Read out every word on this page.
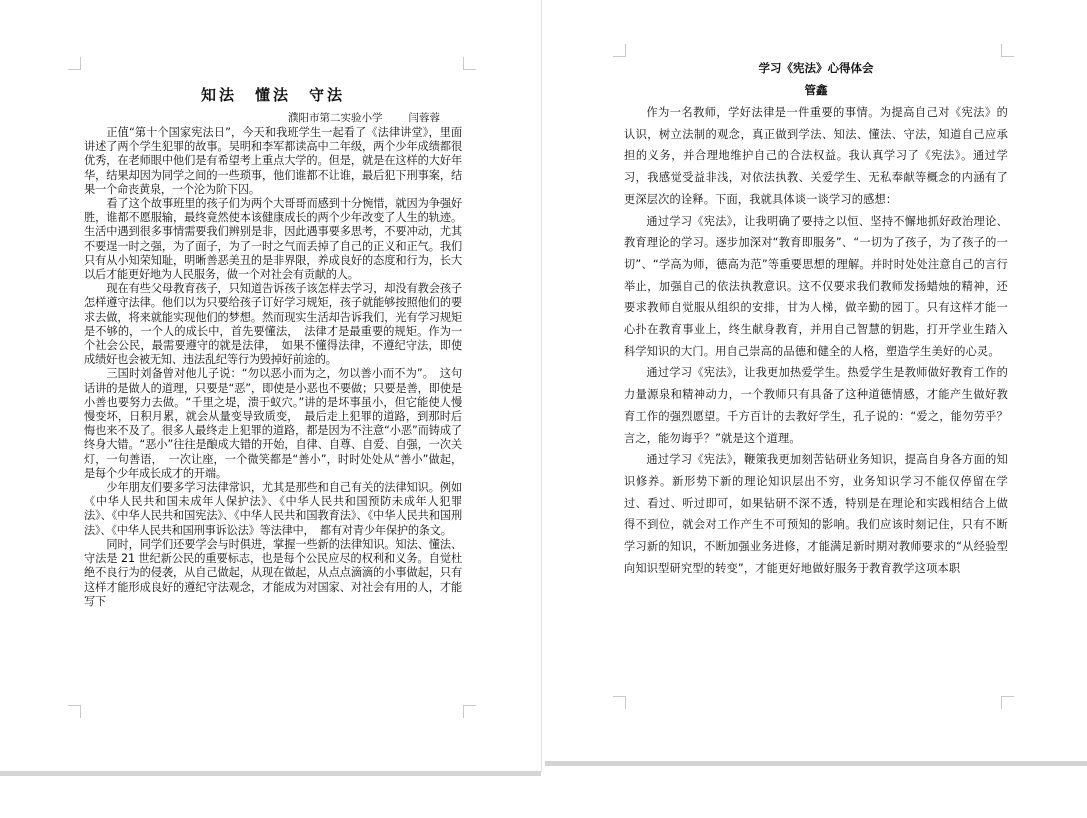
知法　懂法　守法
濮阳市第二实验小学 闫蓉蓉

正值“第十个国家宪法日”，今天和我班学生一起看了《法律讲堂》，里面讲述了两个学生犯罪的故事。吴明和李军都读高中二年级，两个少年成绩都很优秀，在老师眼中他们是有希望考上重点大学的。但是，就是在这样的大好年华，结果却因为同学之间的一些琐事，他们谁都不让谁，最后犯下刑事案，结果一个命丧黄泉，一个沦为阶下囚。

看了这个故事班里的孩子们为两个大哥哥而感到十分惋惜，就因为争强好胜，谁都不愿服输，最终竟然使本该健康成长的两个少年改变了人生的轨迹。生活中遇到很多事情需要我们辨别是非，因此遇事要多思考，不要冲动，尤其不要逞一时之强，为了面子，为了一时之气而丢掉了自己的正义和正气。我们只有从小知荣知耻，明晰善恶美丑的是非界限，养成良好的态度和行为，长大以后才能更好地为人民服务，做一个对社会有贡献的人。

现在有些父母教育孩子，只知道告诉孩子该怎样去学习，却没有教会孩子怎样遵守法律。他们以为只要给孩子订好学习规矩，孩子就能够按照他们的要求去做，将来就能实现他们的梦想。然而现实生活却告诉我们，光有学习规矩是不够的，一个人的成长中，首先要懂法，　法律才是最重要的规矩。作为一个社会公民，最需要遵守的就是法律，　如果不懂得法律，不遵纪守法，即使成绩好也会被无知、违法乱纪等行为毁掉好前途的。

三国时刘备曾对他儿子说：“勿以恶小而为之，勿以善小而不为”。　这句话讲的是做人的道理，只要是“恶”，即使是小恶也不要做；只要是善，即使是小善也要努力去做。“千里之堤，溃于蚁穴。”讲的是坏事虽小，但它能使人慢慢变坏，日积月累，就会从量变导致质变，　最后走上犯罪的道路，到那时后悔也来不及了。很多人最终走上犯罪的道路，都是因为不注意“小恶”而铸成了终身大错。“恶小”往往是酿成大错的开始，自律、自尊、自爱、自强，一次关灯，一句善语，　一次让座，一个微笑都是“善小”，时时处处从“善小”做起，是每个少年成长成才的开端。

少年朋友们要多学习法律常识，尤其是那些和自己有关的法律知识。例如《中华人民共和国未成年人保护法》、《中华人民共和国预防未成年人犯罪法》、《中华人民共和国宪法》、《中华人民共和国教育法》、《中华人民共和国刑法》、《中华人民共和国刑事诉讼法》等法律中，　都有对青少年保护的条文。

同时，同学们还要学会与时俱进，掌握一些新的法律知识。知法、懂法、守法是 21 世纪新公民的重要标志，也是每个公民应尽的权利和义务。自觉杜绝不良行为的侵袭，从自己做起，从现在做起，从点点滴滴的小事做起，只有这样才能形成良好的遵纪守法观念，才能成为对国家、对社会有用的人，才能写下

学习《宪法》心得体会
管鑫

作为一名教师，学好法律是一件重要的事情。为提高自己对《宪法》的认识，树立法制的观念，真正做到学法、知法、懂法、守法，知道自己应承担的义务，并合理地维护自己的合法权益。我认真学习了《宪法》。通过学习，我感觉受益非浅，对依法执教、关爱学生、无私奉献等概念的内涵有了更深层次的诠释。下面，我就具体谈一谈学习的感想：

通过学习《宪法》，让我明确了要持之以恒、坚持不懈地抓好政治理论、教育理论的学习。逐步加深对“教育即服务”、“一切为了孩子，为了孩子的一切”、“学高为师，德高为范”等重要思想的理解。并时时处处注意自己的言行举止，加强自己的依法执教意识。这不仅要求我们教师发扬蜡烛的精神，还要求教师自觉服从组织的安排，甘为人梯，做辛勤的园丁。只有这样才能一心扑在教育事业上，终生献身教育，并用自己智慧的钥匙，打开学业生踏入科学知识的大门。用自己崇高的品德和健全的人格，塑造学生美好的心灵。

通过学习《宪法》，让我更加热爱学生。热爱学生是教师做好教育工作的力量源泉和精神动力，一个教师只有具备了这种道德情感，才能产生做好教育工作的强烈愿望。千方百计的去教好学生，孔子说的：“爱之，能勿劳乎？言之，能勿诲乎？”就是这个道理。

通过学习《宪法》，鞭策我更加刻苦钻研业务知识，提高自身各方面的知识修养。新形势下新的理论知识层出不穷，业务知识学习不能仅停留在学过、看过、听过即可，如果钻研不深不透，特别是在理论和实践相结合上做得不到位，就会对工作产生不可预知的影响。我们应该时刻记住，只有不断学习新的知识，不断加强业务进修，才能满足新时期对教师要求的“从经验型向知识型研究型的转变”，才能更好地做好服务于教育教学这项本职
